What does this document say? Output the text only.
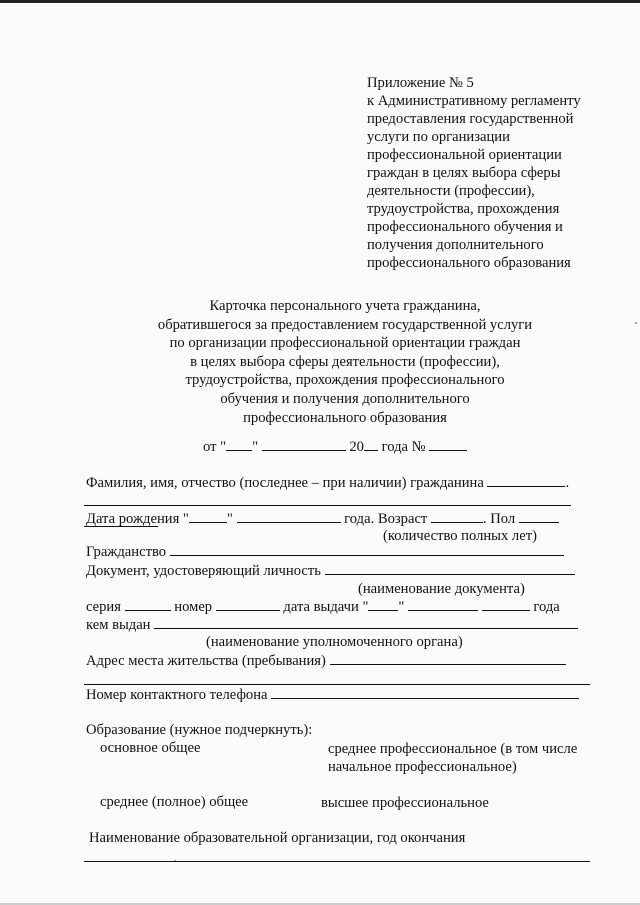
Приложение № 5
к Административному регламенту
предоставления государственной
услуги по организации
профессиональной ориентации
граждан в целях выбора сферы
деятельности (профессии),
трудоустройства, прохождения
профессионального обучения и
получения дополнительного
профессионального образования
Карточка персонального учета гражданина,
обратившегося за предоставлением государственной услуги
по организации профессиональной ориентации граждан
в целях выбора сферы деятельности (профессии),
трудоустройства, прохождения профессионального
обучения и получения дополнительного
профессионального образования
от " "	20 года №
Фамилия, имя, отчество (последнее – при наличии) гражданина	.
Дата рождения "	"	года. Возраст	. Пол
(количество полных лет)
Гражданство
Документ, удостоверяющий личность
(наименование документа)
серия	номер	дата выдачи " "	года
кем выдан
(наименование уполномоченного органа)
Адрес места жительства (пребывания)
Номер контактного телефона
Образование (нужное подчеркнуть):
основное общее	среднее профессиональное (в том числе
начальное профессиональное)
среднее (полное) общее	высшее профессиональное
Наименование образовательной организации, год окончания
